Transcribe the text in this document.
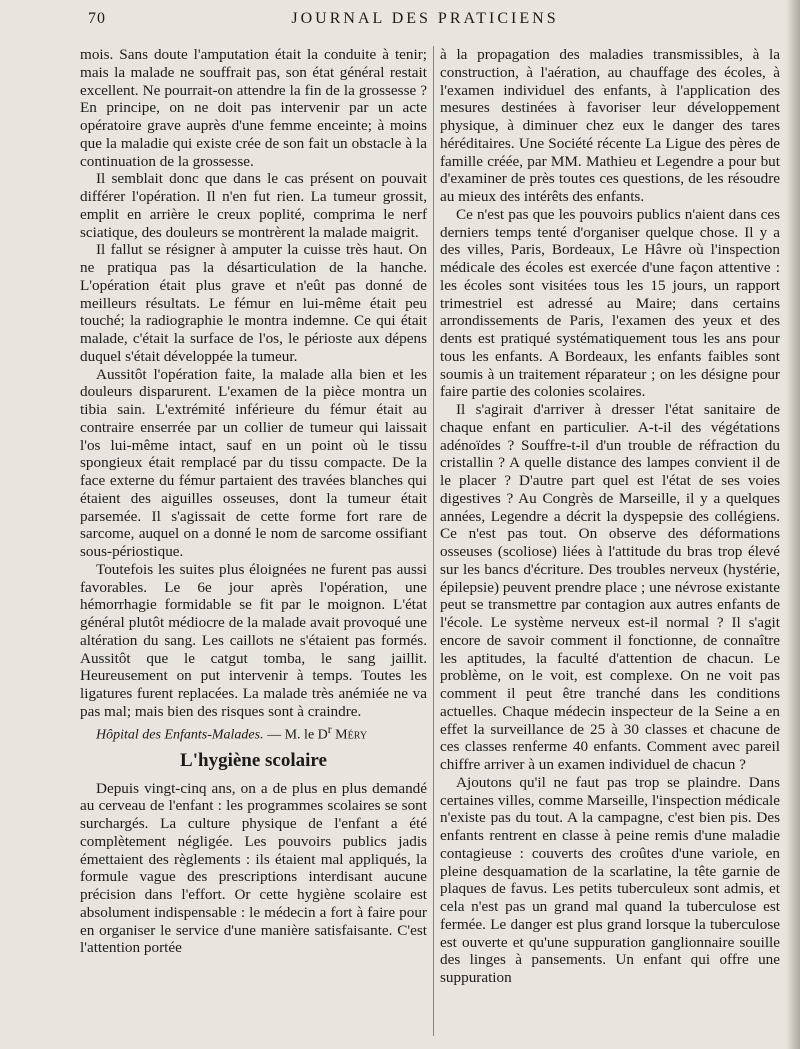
70	JOURNAL DES PRATICIENS

mois. Sans doute l'amputation était la conduite à tenir; mais la malade ne souffrait pas, son état général restait excellent. Ne pourrait-on attendre la fin de la grossesse ? En principe, on ne doit pas intervenir par un acte opératoire grave auprès d'une femme enceinte; à moins que la maladie qui existe crée de son fait un obstacle à la continuation de la grossesse.

Il semblait donc que dans le cas présent on pouvait différer l'opération. Il n'en fut rien. La tumeur grossit, emplit en arrière le creux poplité, comprima le nerf sciatique, des douleurs se montrèrent la malade maigrit.

Il fallut se résigner à amputer la cuisse très haut. On ne pratiqua pas la désarticulation de la hanche. L'opération était plus grave et n'eût pas donné de meilleurs résultats. Le fémur en lui-même était peu touché; la radiographie le montra indemne. Ce qui était malade, c'était la surface de l'os, le périoste aux dépens duquel s'était développée la tumeur.

Aussitôt l'opération faite, la malade alla bien et les douleurs disparurent. L'examen de la pièce montra un tibia sain. L'extrémité inférieure du fémur était au contraire enserrée par un collier de tumeur qui laissait l'os lui-même intact, sauf en un point où le tissu spongieux était remplacé par du tissu compacte. De la face externe du fémur partaient des travées blanches qui étaient des aiguilles osseuses, dont la tumeur était parsemée. Il s'agissait de cette forme fort rare de sarcome, auquel on a donné le nom de sarcome ossifiant sous-périostique.

Toutefois les suites plus éloignées ne furent pas aussi favorables. Le 6e jour après l'opération, une hémorrhagie formidable se fit par le moignon. L'état général plutôt médiocre de la malade avait provoqué une altération du sang. Les caillots ne s'étaient pas formés. Aussitôt que le catgut tomba, le sang jaillit. Heureusement on put intervenir à temps. Toutes les ligatures furent replacées. La malade très anémiée ne va pas mal; mais bien des risques sont à craindre.

Hôpital des Enfants-Malades. — M. le $D^r$ Méry

L'hygiène scolaire

Depuis vingt-cinq ans, on a de plus en plus demandé au cerveau de l'enfant : les programmes scolaires se sont surchargés. La culture physique de l'enfant a été complètement négligée. Les pouvoirs publics jadis émettaient des règlements : ils étaient mal appliqués, la formule vague des prescriptions interdisant aucune précision dans l'effort. Or cette hygiène scolaire est absolument indispensable : le médecin a fort à faire pour en organiser le service d'une manière satisfaisante. C'est l'attention portée

à la propagation des maladies transmissibles, à la construction, à l'aération, au chauffage des écoles, à l'examen individuel des enfants, à l'application des mesures destinées à favoriser leur développement physique, à diminuer chez eux le danger des tares héréditaires. Une Société récente La Ligue des pères de famille créée, par MM. Mathieu et Legendre a pour but d'examiner de près toutes ces questions, de les résoudre au mieux des intérêts des enfants.

Ce n'est pas que les pouvoirs publics n'aient dans ces derniers temps tenté d'organiser quelque chose. Il y a des villes, Paris, Bordeaux, Le Hâvre où l'inspection médicale des écoles est exercée d'une façon attentive : les écoles sont visitées tous les 15 jours, un rapport trimestriel est adressé au Maire; dans certains arrondissements de Paris, l'examen des yeux et des dents est pratiqué systématiquement tous les ans pour tous les enfants. A Bordeaux, les enfants faibles sont soumis à un traitement réparateur ; on les désigne pour faire partie des colonies scolaires.

Il s'agirait d'arriver à dresser l'état sanitaire de chaque enfant en particulier. A-t-il des végétations adénoïdes ? Souffre-t-il d'un trouble de réfraction du cristallin ? A quelle distance des lampes convient il de le placer ? D'autre part quel est l'état de ses voies digestives ? Au Congrès de Marseille, il y a quelques années, Legendre a décrit la dyspepsie des collégiens. Ce n'est pas tout. On observe des déformations osseuses (scoliose) liées à l'attitude du bras trop élevé sur les bancs d'écriture. Des troubles nerveux (hystérie, épilepsie) peuvent prendre place ; une névrose existante peut se transmettre par contagion aux autres enfants de l'école. Le système nerveux est-il normal ? Il s'agit encore de savoir comment il fonctionne, de connaître les aptitudes, la faculté d'attention de chacun. Le problème, on le voit, est complexe. On ne voit pas comment il peut être tranché dans les conditions actuelles. Chaque médecin inspecteur de la Seine a en effet la surveillance de 25 à 30 classes et chacune de ces classes renferme 40 enfants. Comment avec pareil chiffre arriver à un examen individuel de chacun ?

Ajoutons qu'il ne faut pas trop se plaindre. Dans certaines villes, comme Marseille, l'inspection médicale n'existe pas du tout. A la campagne, c'est bien pis. Des enfants rentrent en classe à peine remis d'une maladie contagieuse : couverts des croûtes d'une variole, en pleine desquamation de la scarlatine, la tête garnie de plaques de favus. Les petits tuberculeux sont admis, et cela n'est pas un grand mal quand la tuberculose est fermée. Le danger est plus grand lorsque la tuberculose est ouverte et qu'une suppuration ganglionnaire souille des linges à pansements. Un enfant qui offre une suppuration
